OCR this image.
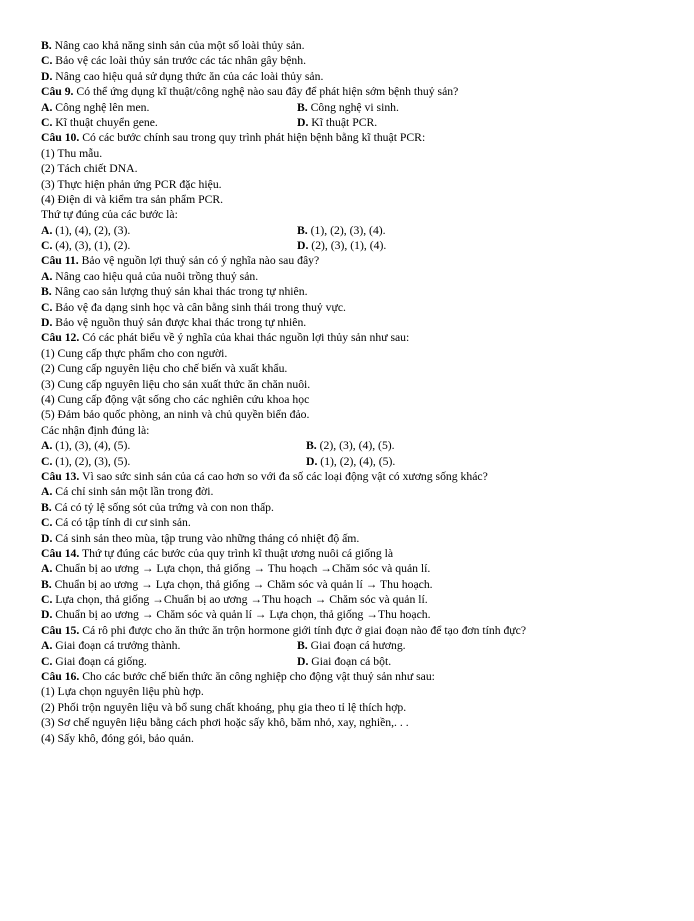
B. Nâng cao khả năng sinh sản của một số loài thủy sản.
C. Bảo vệ các loài thủy sản trước các tác nhân gây bệnh.
D. Nâng cao hiệu quả sử dụng thức ăn của các loài thủy sản.
Câu 9. Có thể ứng dụng kĩ thuật/công nghệ nào sau đây để phát hiện sớm bệnh thuỷ sản?
A. Công nghệ lên men.	B. Công nghệ vi sinh.
C. Kĩ thuật chuyển gene.	D. Kĩ thuật PCR.
Câu 10. Có các bước chính sau trong quy trình phát hiện bệnh bằng kĩ thuật PCR:
(1) Thu mẫu.
(2) Tách chiết DNA.
(3) Thực hiện phản ứng PCR đặc hiệu.
(4) Điện di và kiểm tra sản phẩm PCR.
Thứ tự đúng của các bước là:
A. (1), (4), (2), (3).	B. (1), (2), (3), (4).
C. (4), (3), (1), (2).	D. (2), (3), (1), (4).
Câu 11. Bảo vệ nguồn lợi thuỷ sản có ý nghĩa nào sau đây?
A. Nâng cao hiệu quả của nuôi trồng thuỷ sản.
B. Nâng cao sản lượng thuỷ sản khai thác trong tự nhiên.
C. Bảo vệ đa dạng sinh học và cân bằng sinh thái trong thuỷ vực.
D. Bảo vệ nguồn thuỷ sản được khai thác trong tự nhiên.
Câu 12. Có các phát biểu về ý nghĩa của khai thác nguồn lợi thủy sản như sau:
(1) Cung cấp thực phẩm cho con người.
(2) Cung cấp nguyên liệu cho chế biến và xuất khẩu.
(3) Cung cấp nguyên liệu cho sản xuất thức ăn chăn nuôi.
(4) Cung cấp động vật sống cho các nghiên cứu khoa học
(5) Đảm bảo quốc phòng, an ninh và chủ quyền biển đảo.
Các nhận định đúng là:
A. (1), (3), (4), (5).	B. (2), (3), (4), (5).
C. (1), (2), (3), (5).	D. (1), (2), (4), (5).
Câu 13. Vì sao sức sinh sản của cá cao hơn so với đa số các loại động vật có xương sống khác?
A. Cá chỉ sinh sản một lần trong đời.
B. Cá có tỷ lệ sống sót của trứng và con non thấp.
C. Cá có tập tính di cư sinh sản.
D. Cá sinh sản theo mùa, tập trung vào những tháng có nhiệt độ ấm.
Câu 14. Thứ tự đúng các bước của quy trình kĩ thuật ương nuôi cá giống là
A. Chuẩn bị ao ương → Lựa chọn, thả giống → Thu hoạch →Chăm sóc và quản lí.
B. Chuẩn bị ao ương → Lựa chọn, thả giống → Chăm sóc và quản lí → Thu hoạch.
C. Lựa chọn, thả giống →Chuẩn bị ao ương →Thu hoạch → Chăm sóc và quản lí.
D. Chuẩn bị ao ương → Chăm sóc và quản lí → Lựa chọn, thả giống →Thu hoạch.
Câu 15. Cá rô phi được cho ăn thức ăn trộn hormone giới tính đực ở giai đoạn nào để tạo đơn tính đực?
A. Giai đoạn cá trưởng thành.	B. Giai đoạn cá hương.
C. Giai đoạn cá giống.	D. Giai đoạn cá bột.
Câu 16. Cho các bước chế biến thức ăn công nghiệp cho động vật thuỷ sản như sau:
(1) Lựa chọn nguyên liệu phù hợp.
(2) Phối trộn nguyên liệu và bổ sung chất khoáng, phụ gia theo tỉ lệ thích hợp.
(3) Sơ chế nguyên liệu bằng cách phơi hoặc sấy khô, băm nhỏ, xay, nghiền,. . .
(4) Sấy khô, đóng gói, bảo quản.
